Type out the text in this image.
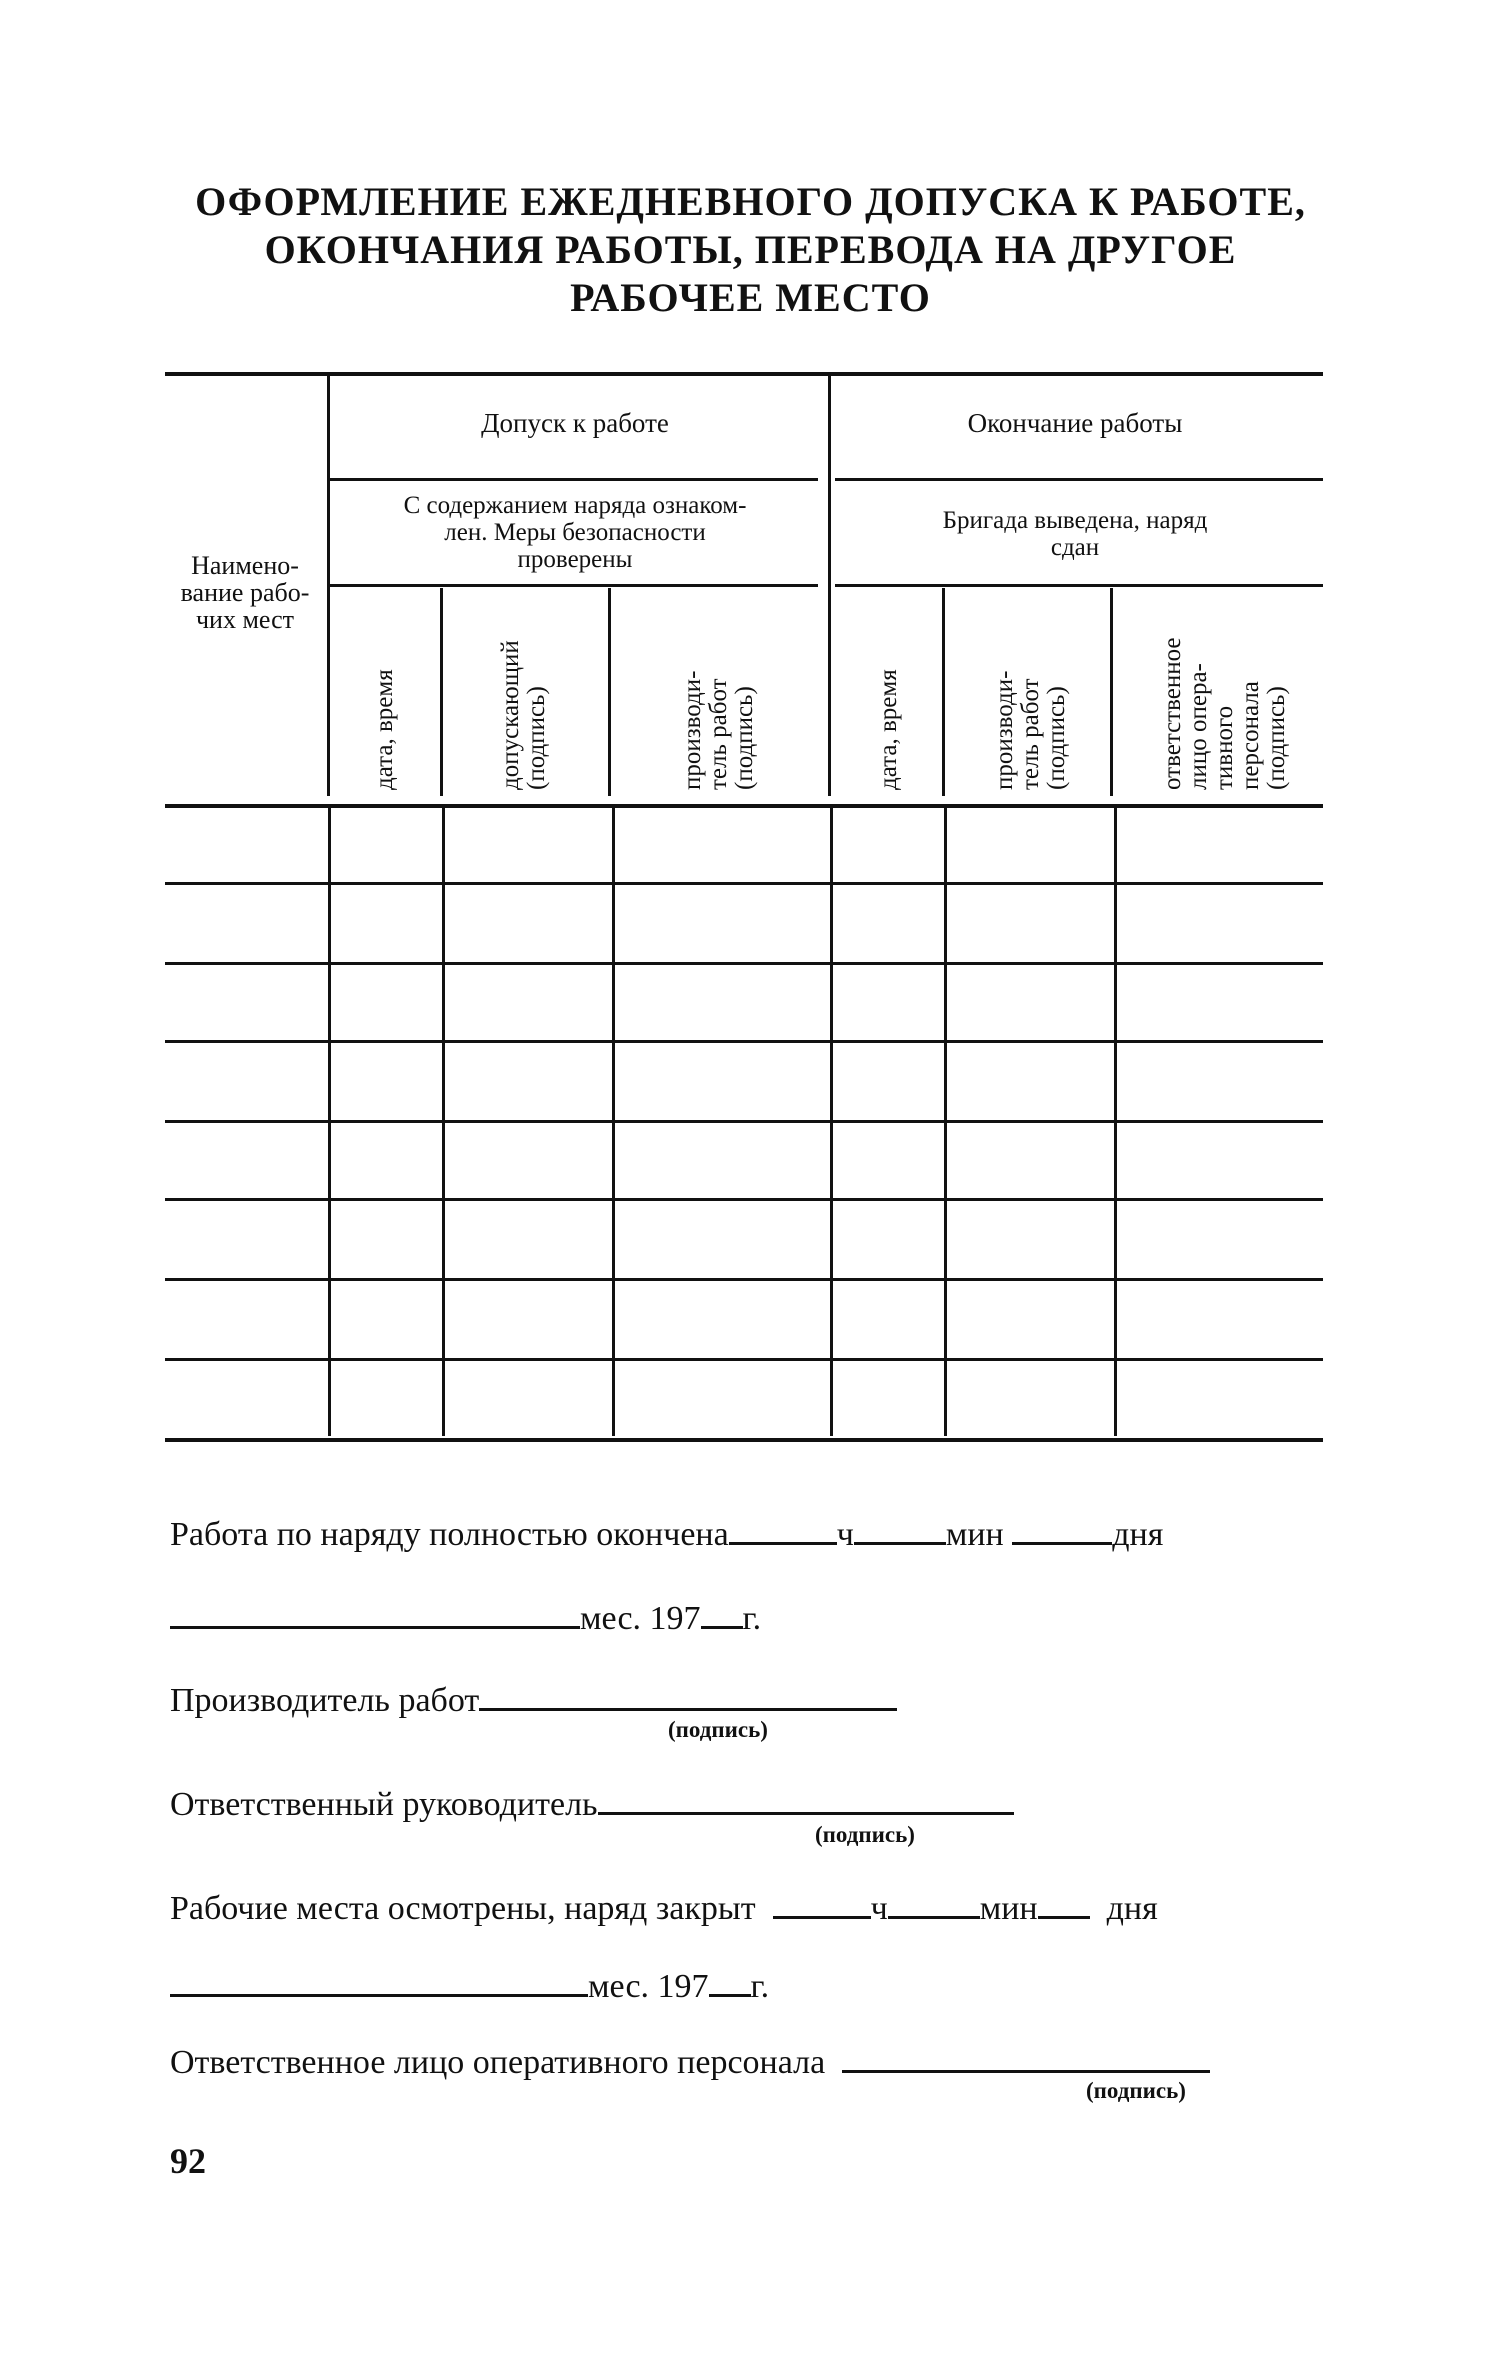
ОФОРМЛЕНИЕ ЕЖЕДНЕВНОГО ДОПУСКА К РАБОТЕ,
ОКОНЧАНИЯ РАБОТЫ, ПЕРЕВОДА НА ДРУГОЕ
РАБОЧЕЕ МЕСТО
Наимено-
вание рабо-
чих мест
Допуск к работе	Окончание работы
С содержанием наряда ознаком-
лен. Меры безопасности
проверены
Бригада выведена, наряд
сдан
дата, время	допускающий (подпись)	производи- тель работ (подпись)	дата, время	производи- тель работ (подпись)	ответственное лицо опера- тивного персонала (подпись)
Работа по наряду полностью окончена	ч	мин	дня
мес. 197 г.
Производитель работ
(подпись)
Ответственный руководитель
(подпись)
Рабочие места осмотрены, наряд закрыт	ч	мин дня
мес. 197 г.
Ответственное лицо оперативного персонала
(подпись)
92
